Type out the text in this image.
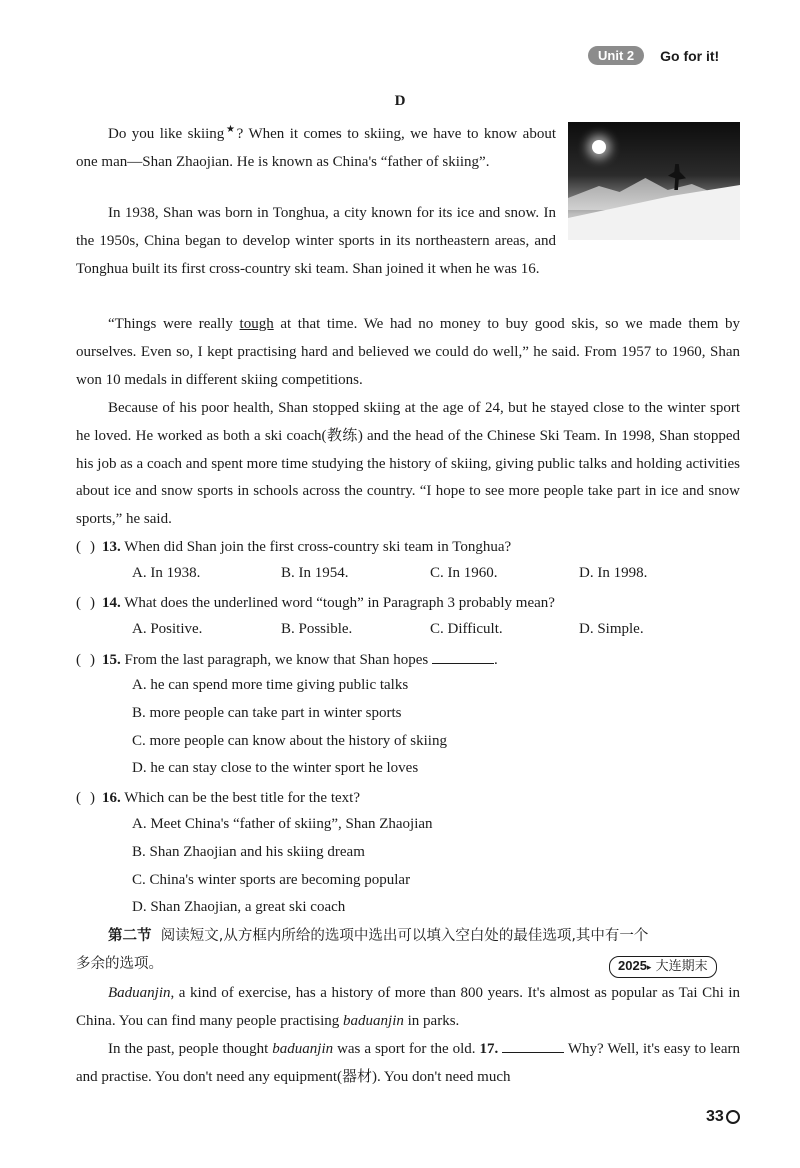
Unit 2	Go for it!
D

Do you like skiing★? When it comes to skiing, we have to know about one man—Shan Zhaojian. He is known as China's “father of skiing”.

In 1938, Shan was born in Tonghua, a city known for its ice and snow. In the 1950s, China began to develop winter sports in its northeastern areas, and Tonghua built its first cross-country ski team. Shan joined it when he was 16.

“Things were really tough at that time. We had no money to buy good skis, so we made them by ourselves. Even so, I kept practising hard and believed we could do well,” he said. From 1957 to 1960, Shan won 10 medals in different skiing competitions.

Because of his poor health, Shan stopped skiing at the age of 24, but he stayed close to the winter sport he loved. He worked as both a ski coach(教练) and the head of the Chinese Ski Team. In 1998, Shan stopped his job as a coach and spent more time studying the history of skiing, giving public talks and holding activities about ice and snow sports in schools across the country. “I hope to see more people take part in ice and snow sports,” he said.

( ) 13. When did Shan join the first cross-country ski team in Tonghua?
A. In 1938.	B. In 1954.	C. In 1960.	D. In 1998.
( ) 14. What does the underlined word “tough” in Paragraph 3 probably mean?
A. Positive.	B. Possible.	C. Difficult.	D. Simple.
( ) 15. From the last paragraph, we know that Shan hopes	.
A. he can spend more time giving public talks
B. more people can take part in winter sports
C. more people can know about the history of skiing
D. he can stay close to the winter sport he loves
( ) 16. Which can be the best title for the text?
A. Meet China's “father of skiing”, Shan Zhaojian
B. Shan Zhaojian and his skiing dream
C. China's winter sports are becoming popular
D. Shan Zhaojian, a great ski coach
第二节 阅读短文,从方框内所给的选项中选出可以填入空白处的最佳选项,其中有一个
多余的选项。	2025▸ 大连期末

Baduanjin, a kind of exercise, has a history of more than 800 years. It's almost as popular as Tai Chi in China. You can find many people practising baduanjin in parks.

In the past, people thought baduanjin was a sport for the old. 17.	Why? Well, it's easy to learn and practise. You don't need any equipment(器材). You don't need much

33
